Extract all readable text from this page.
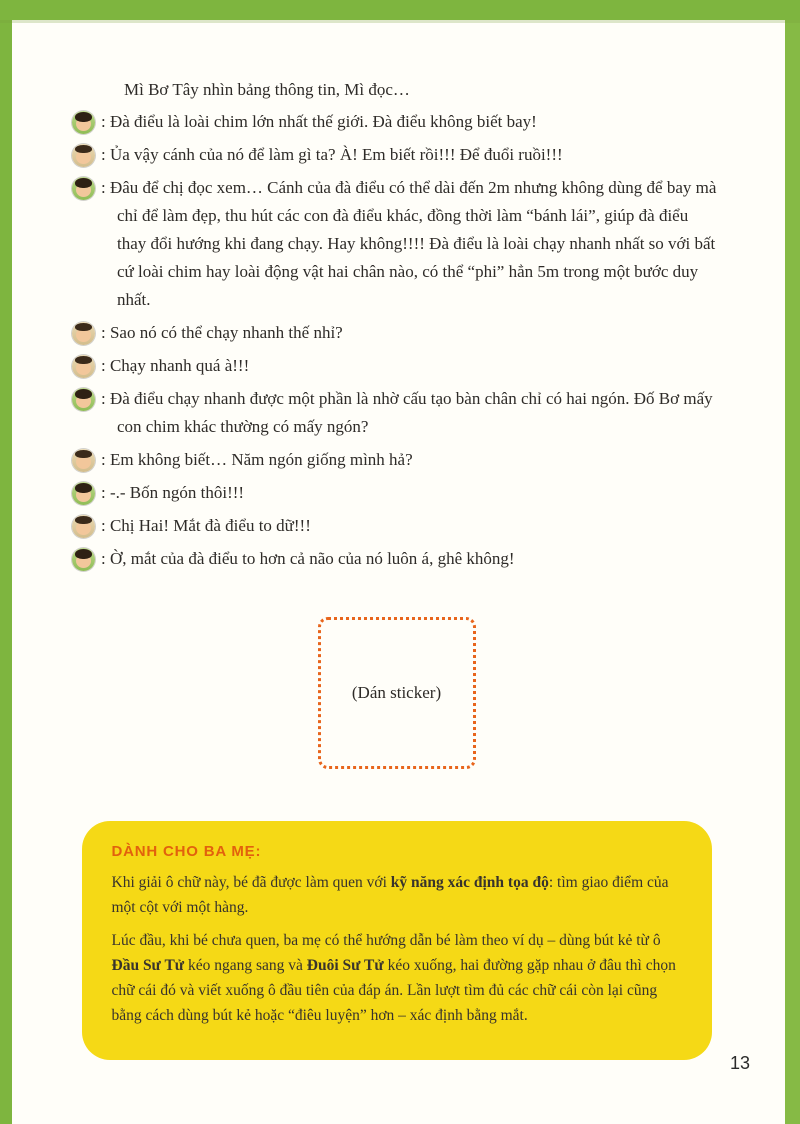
Mì Bơ Tây nhìn bảng thông tin, Mì đọc…
: Đà điểu là loài chim lớn nhất thế giới. Đà điểu không biết bay!
: Ủa vậy cánh của nó để làm gì ta? À! Em biết rồi!!! Để đuổi ruồi!!!
: Đâu để chị đọc xem… Cánh của đà điểu có thể dài đến 2m nhưng không dùng để bay mà chỉ để làm đẹp, thu hút các con đà điểu khác, đồng thời làm “bánh lái”, giúp đà điểu thay đổi hướng khi đang chạy. Hay không!!!! Đà điểu là loài chạy nhanh nhất so với bất cứ loài chim hay loài động vật hai chân nào, có thể “phi” hẳn 5m trong một bước duy nhất.
: Sao nó có thể chạy nhanh thế nhỉ?
: Chạy nhanh quá à!!!
: Đà điểu chạy nhanh được một phần là nhờ cấu tạo bàn chân chỉ có hai ngón. Đố Bơ mấy con chim khác thường có mấy ngón?
: Em không biết… Năm ngón giống mình hả?
: -.- Bốn ngón thôi!!!
: Chị Hai! Mắt đà điểu to dữ!!!
: Ờ, mắt của đà điểu to hơn cả não của nó luôn á, ghê không!
(Dán sticker)
DÀNH CHO BA MẸ:
Khi giải ô chữ này, bé đã được làm quen với kỹ năng xác định tọa độ: tìm giao điểm của một cột với một hàng.
Lúc đầu, khi bé chưa quen, ba mẹ có thể hướng dẫn bé làm theo ví dụ – dùng bút kẻ từ ô Đầu Sư Tử kéo ngang sang và Đuôi Sư Tử kéo xuống, hai đường gặp nhau ở đâu thì chọn chữ cái đó và viết xuống ô đầu tiên của đáp án. Lần lượt tìm đủ các chữ cái còn lại cũng bằng cách dùng bút kẻ hoặc “điêu luyện” hơn – xác định bằng mắt.
13
